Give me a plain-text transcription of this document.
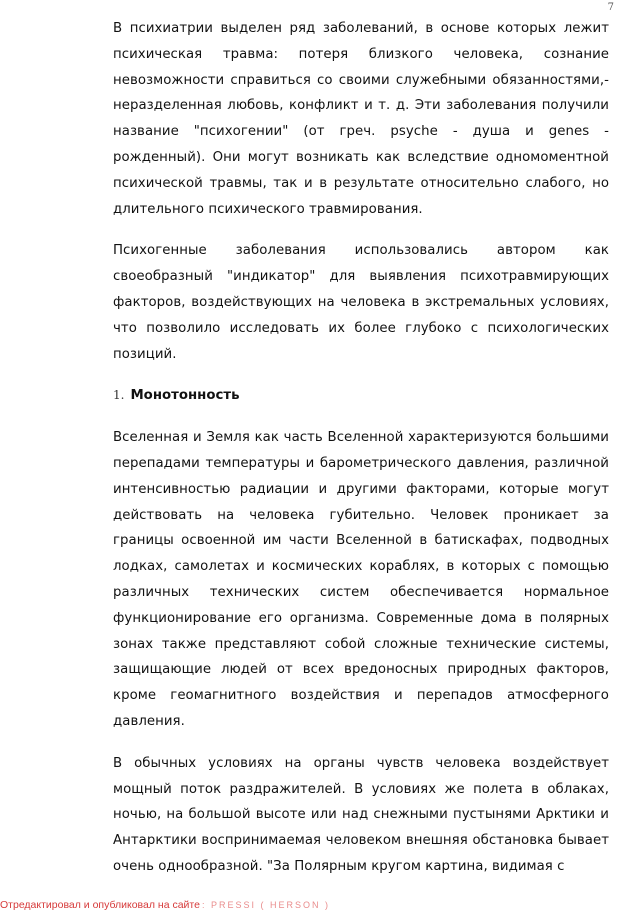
7

В психиатрии выделен ряд заболеваний, в основе которых лежит психическая травма: потеря близкого человека, сознание невозможности справиться со своими служебными обязанностями,- неразделенная любовь, конфликт и т. д. Эти заболевания получили название "психогении" (от греч. psyche - душа и genes - рожденный). Они могут возникать как вследствие одномоментной психической травмы, так и в результате относительно слабого, но длительного психического травмирования.

Психогенные заболевания использовались автором как своеобразный "индикатор" для выявления психотравмирующих факторов, воздействующих на человека в экстремальных условиях, что позволило исследовать их более глубоко с психологических позиций.

1. Монотонность

Вселенная и Земля как часть Вселенной характеризуются большими перепадами температуры и барометрического давления, различной интенсивностью радиации и другими факторами, которые могут действовать на человека губительно. Человек проникает за границы освоенной им части Вселенной в батискафах, подводных лодках, самолетах и космических кораблях, в которых с помощью различных технических систем обеспечивается нормальное функционирование его организма. Современные дома в полярных зонах также представляют собой сложные технические системы, защищающие людей от всех вредоносных природных факторов, кроме геомагнитного воздействия и перепадов атмосферного давления.

В обычных условиях на органы чувств человека воздействует мощный поток раздражителей. В условиях же полета в облаках, ночью, на большой высоте или над снежными пустынями Арктики и Антарктики воспринимаемая человеком внешняя обстановка бывает очень однообразной. "За Полярным кругом картина, видимая с

Отредактировал и опубликовал на сайте : PRESSI ( HERSON )
